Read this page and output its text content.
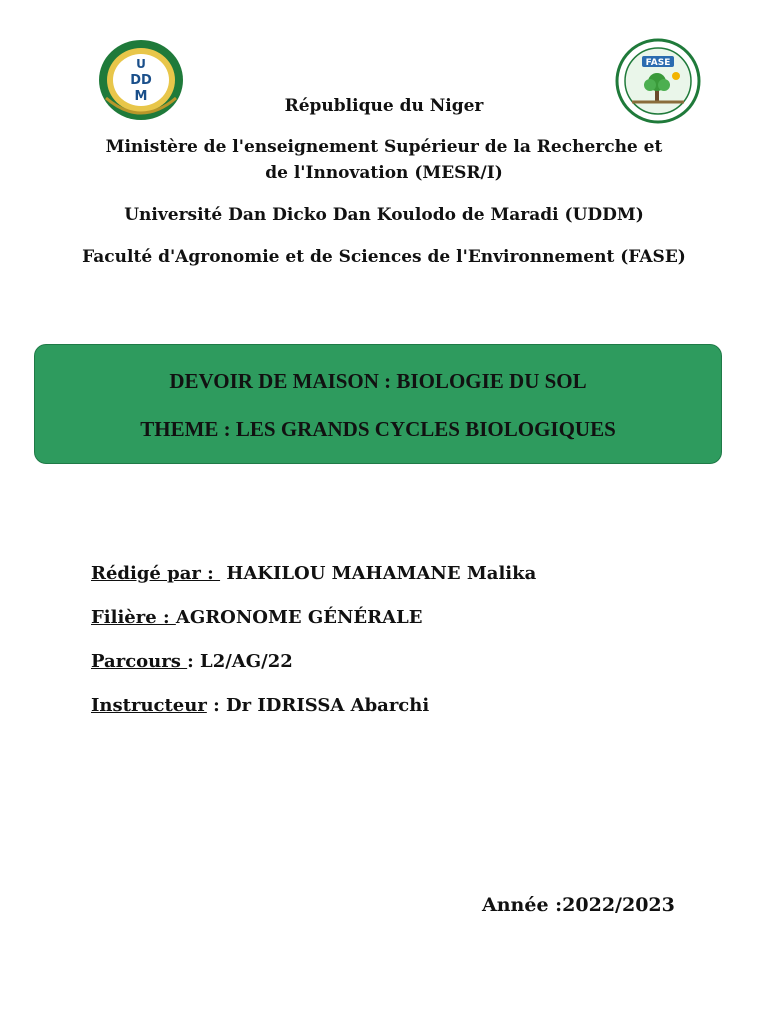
U
DD
M
FASE
République du Niger
Ministère de l'enseignement Supérieur de la Recherche et de l'Innovation (MESR/I)
Université Dan Dicko Dan Koulodo de Maradi (UDDM)
Faculté d'Agronomie et de Sciences de l'Environnement (FASE)
DEVOIR DE MAISON : BIOLOGIE DU SOL
THEME : LES GRANDS CYCLES BIOLOGIQUES
Rédigé par :  HAKILOU MAHAMANE Malika
Filière : AGRONOME GÉNÉRALE
Parcours : L2/AG/22
Instructeur : Dr IDRISSA Abarchi
Année :2022/2023
